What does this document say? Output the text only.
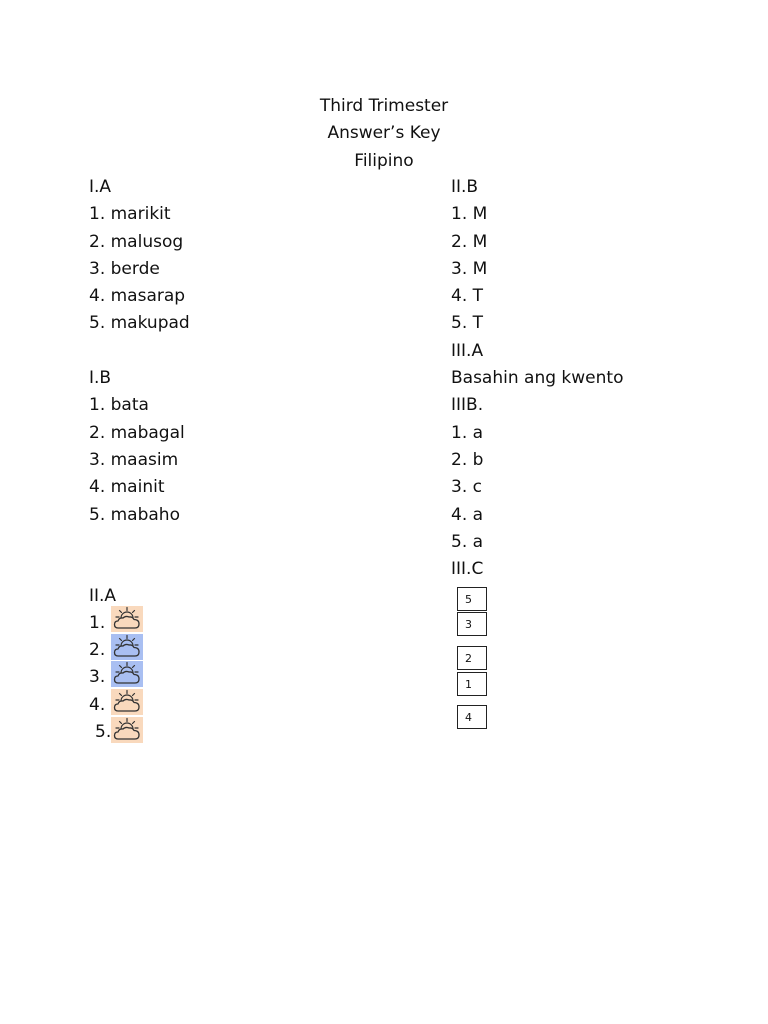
Third Trimester
Answer’s Key
Filipino
I.A
1. marikit
2. malusog
3. berde
4. masarap
5. makupad
I.B
1. bata
2. mabagal
3. maasim
4. mainit
5. mabaho
II.A
1.
2.
3.
4.
5.
II.B
1. M
2. M
3. M
4. T
5. T
III.A
Basahin ang kwento
IIIB.
1. a
2. b
3. c
4. a
5. a
III.C
5
3
2
1
4
